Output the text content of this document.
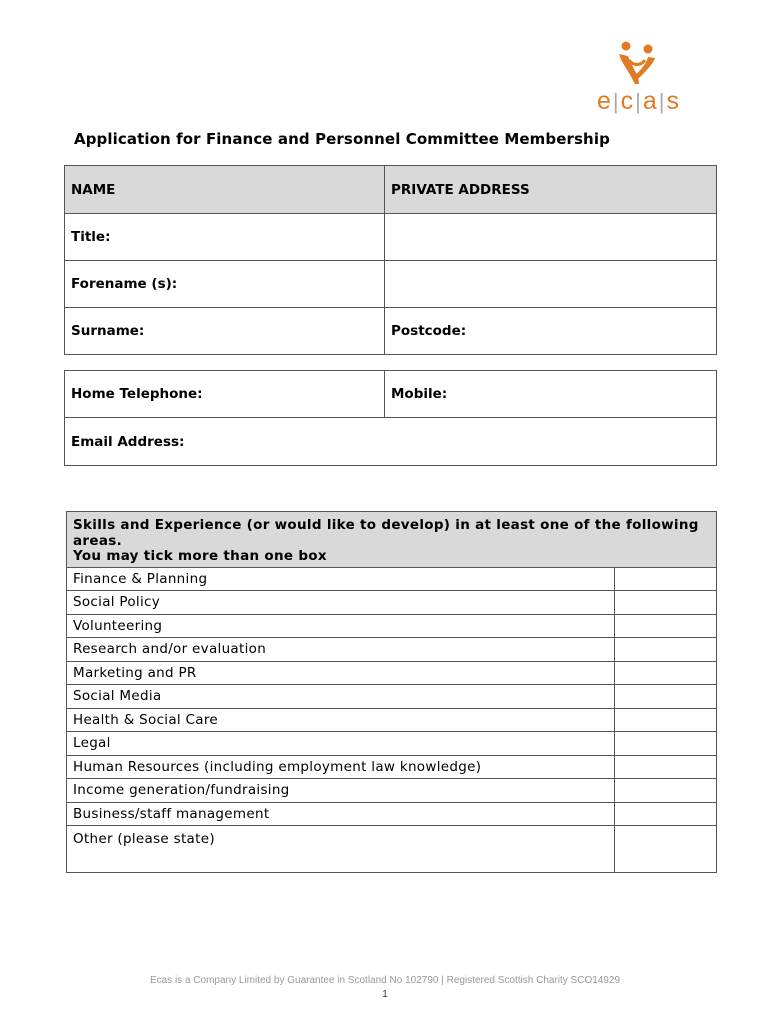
e|c|a|s
Application for Finance and Personnel Committee Membership
NAME	PRIVATE ADDRESS
Title:	
Forename (s):	
Surname:	Postcode:
Home Telephone:	Mobile:
Email Address:
Skills and Experience (or would like to develop) in at least one of the following areas.
You may tick more than one box	

Finance & Planning	
Social Policy	
Volunteering	
Research and/or evaluation	
Marketing and PR	
Social Media	
Health & Social Care	
Legal	
Human Resources (including employment law knowledge)	
Income generation/fundraising	
Business/staff management	
Other (please state)	
Ecas is a Company Limited by Guarantee in Scotland No 102790 | Registered Scottish Charity SCO14929
1
